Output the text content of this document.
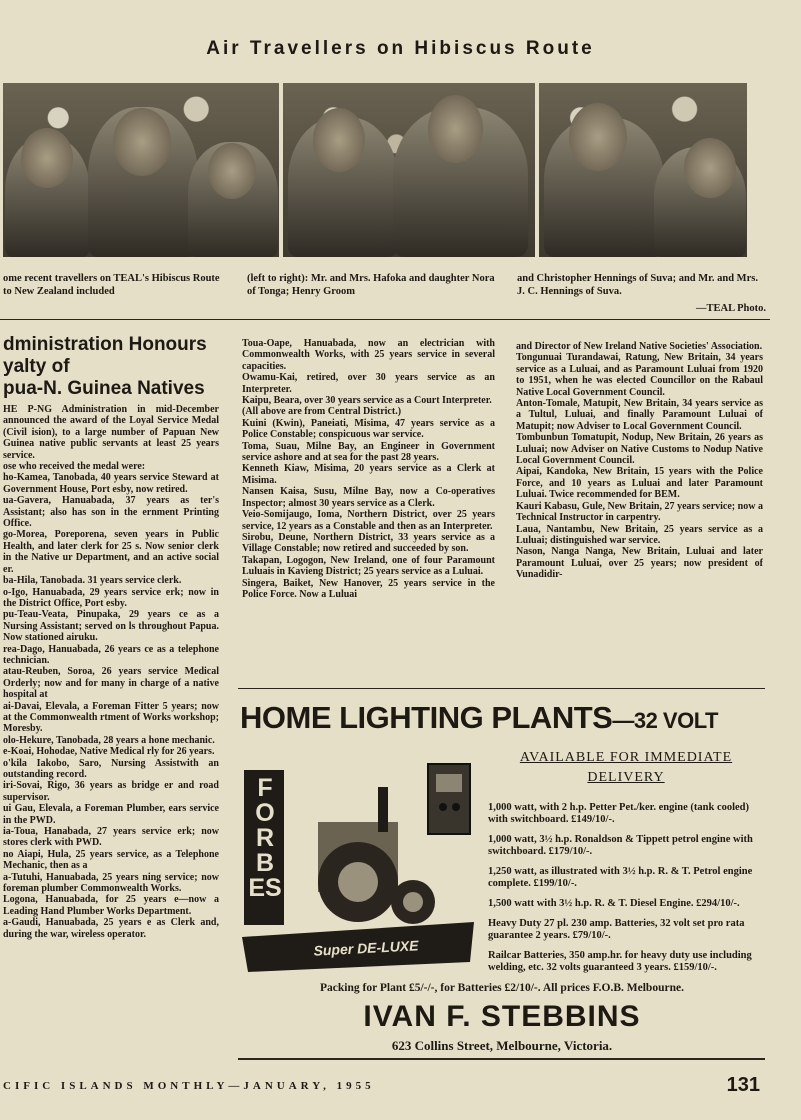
Air Travellers on Hibiscus Route
ome recent travellers on TEAL's Hibiscus Route to New Zealand included
(left to right): Mr. and Mrs. Hafoka and daughter Nora of Tonga; Henry Groom
and Christopher Hennings of Suva; and Mr. and Mrs. J. C. Hennings of Suva.
—TEAL Photo.
dministration Honours
yalty of
pua-N. Guinea Natives
HE P-NG Administration in mid-December announced the award of the Loyal Service Medal (Civil ision), to a large number of Papuan New Guinea native public servants at least 25 years service.
ose who received the medal were:
ho-Kamea, Tanobada, 40 years service Steward at Government House, Port esby, now retired.
ua-Gavera, Hanuabada, 37 years as ter's Assistant; also has son in the ernment Printing Office.
go-Morea, Poreporena, seven years in Public Health, and later clerk for 25 s. Now senior clerk in the Native ur Department, and an active social er.
ba-Hila, Tanobada. 31 years service clerk.
o-Igo, Hanuabada, 29 years service erk; now in the District Office, Port esby.
pu-Teau-Veata, Pinupaka, 29 years ce as a Nursing Assistant; served on ls throughout Papua. Now stationed airuku.
rea-Dago, Hanuabada, 26 years ce as a telephone technician.
atau-Reuben, Soroa, 26 years service Medical Orderly; now and for many in charge of a native hospital at
ai-Davai, Elevala, a Foreman Fitter 5 years; now at the Commonwealth rtment of Works workshop; Moresby.
olo-Hekure, Tanobada, 28 years a hone mechanic.
e-Koai, Hohodae, Native Medical rly for 26 years.
o'kila Iakobo, Saro, Nursing Assistwith an outstanding record.
iri-Sovai, Rigo, 36 years as bridge er and road supervisor.
ui Gau, Elevala, a Foreman Plumber, ears service in the PWD.
ia-Toua, Hanabada, 27 years service erk; now stores clerk with PWD.
no Aiapi, Hula, 25 years service, as a Telephone Mechanic, then as a
a-Tutuhi, Hanuabada, 25 years ning service; now foreman plumber Commonwealth Works.
Logona, Hanuabada, for 25 years e—now a Leading Hand Plumber Works Department.
a-Gaudi, Hanuabada, 25 years e as Clerk and, during the war, wireless operator.
Toua-Oape, Hanuabada, now an electrician with Commonwealth Works, with 25 years service in several capacities.
Owamu-Kai, retired, over 30 years service as an Interpreter.
Kaipu, Beara, over 30 years service as a Court Interpreter.
(All above are from Central District.)
Kuini (Kwin), Paneiati, Misima, 47 years service as a Police Constable; conspicuous war service.
Toma, Suau, Milne Bay, an Engineer in Government service ashore and at sea for the past 28 years.
Kenneth Kiaw, Misima, 20 years service as a Clerk at Misima.
Nansen Kaisa, Susu, Milne Bay, now a Co-operatives Inspector; almost 30 years service as a Clerk.
Veio-Somijaugo, Ioma, Northern District, over 25 years service, 12 years as a Constable and then as an Interpreter.
Sirobu, Deune, Northern District, 33 years service as a Village Constable; now retired and succeeded by son.
Takapan, Logogon, New Ireland, one of four Paramount Luluais in Kavieng District; 25 years service as a Luluai.
Singera, Baiket, New Hanover, 25 years service in the Police Force. Now a Luluai
and Director of New Ireland Native Societies' Association.
Tongunuai Turandawai, Ratung, New Britain, 34 years service as a Luluai, and as Paramount Luluai from 1920 to 1951, when he was elected Councillor on the Rabaul Native Local Government Council.
Anton-Tomale, Matupit, New Britain, 34 years service as a Tultul, Luluai, and finally Paramount Luluai of Matupit; now Adviser to Local Government Council.
Tombunbun Tomatupit, Nodup, New Britain, 26 years as Luluai; now Adviser on Native Customs to Nodup Native Local Government Council.
Aipai, Kandoka, New Britain, 15 years with the Police Force, and 10 years as Luluai and later Paramount Luluai. Twice recommended for BEM.
Kauri Kabasu, Gule, New Britain, 27 years service; now a Technical Instructor in carpentry.
Laua, Nantambu, New Britain, 25 years service as a Luluai; distinguished war service.
Nason, Nanga Nanga, New Britain, Luluai and later Paramount Luluai, over 25 years; now president of Vunadidir-
HOME LIGHTING PLANTS—32 VOLT
AVAILABLE FOR IMMEDIATE
DELIVERY
FORBES
Super DE-LUXE

1,000 watt, with 2 h.p. Petter Pet./ker. engine (tank cooled) with switchboard. £149/10/-.

1,000 watt, 3½ h.p. Ronaldson & Tippett petrol engine with switchboard. £179/10/-.

1,250 watt, as illustrated with 3½ h.p. R. & T. Petrol engine complete. £199/10/-.

1,500 watt with 3½ h.p. R. & T. Diesel Engine. £294/10/-.

Heavy Duty 27 pl. 230 amp. Batteries, 32 volt set pro rata guarantee 2 years. £79/10/-.

Railcar Batteries, 350 amp.hr. for heavy duty use including welding, etc. 32 volts guaranteed 3 years. £159/10/-.

Packing for Plant £5/-/-, for Batteries £2/10/-. All prices F.O.B. Melbourne.
IVAN F. STEBBINS
623 Collins Street, Melbourne, Victoria.
CIFIC ISLANDS MONTHLY—JANUARY, 1955	131
